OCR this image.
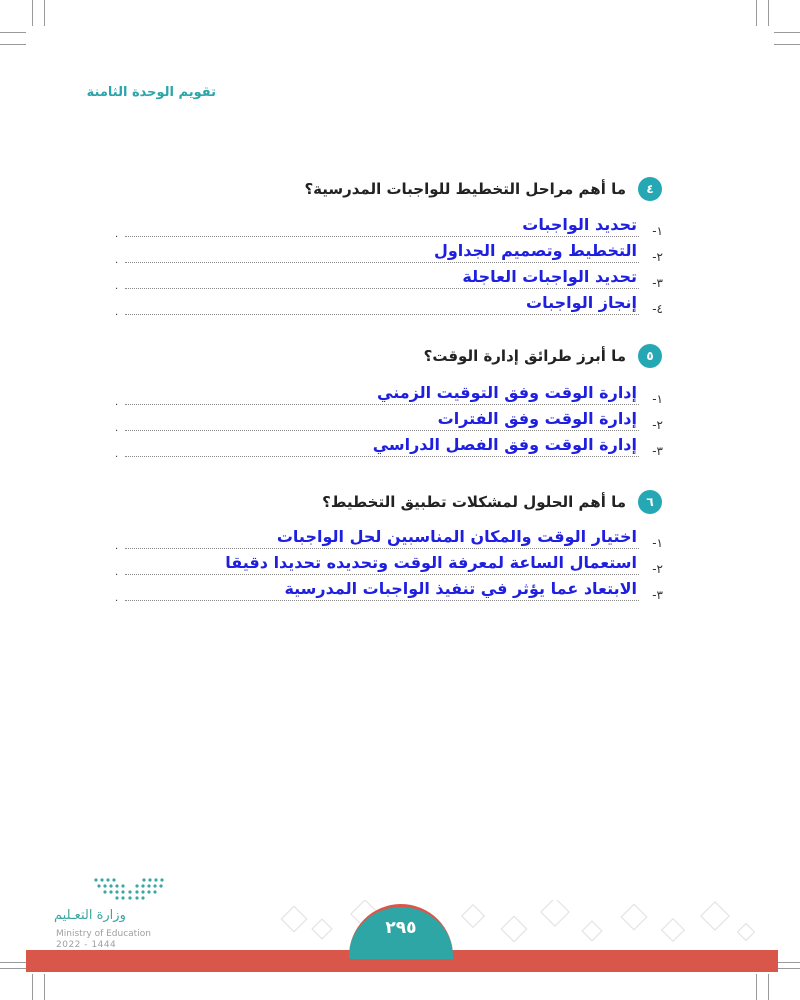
تقويم الوحدة الثامنة
٤
ما أهم مراحل التخطيط للواجبات المدرسية؟
١-
تحديد الواجبات
.
٢-
التخطيط وتصميم الجداول
.
٣-
تحديد الواجبات العاجلة
.
٤-
إنجاز الواجبات
.
٥
ما أبرز طرائق إدارة الوقت؟
١-
إدارة الوقت وفق التوقيت الزمني
.
٢-
إدارة الوقت وفق الفترات
.
٣-
إدارة الوقت وفق الفصل الدراسي
.
٦
ما أهم الحلول لمشكلات تطبيق التخطيط؟
١-
اختيار الوقت والمكان المناسبين لحل الواجبات
.
٢-
استعمال الساعة لمعرفة الوقت وتحديده تحديدا دقيقا
.
٣-
الابتعاد عما يؤثر في تنفيذ الواجبات المدرسية
.
٢٩٥
وزارة التعـليم
Ministry of Education
2022 - 1444
